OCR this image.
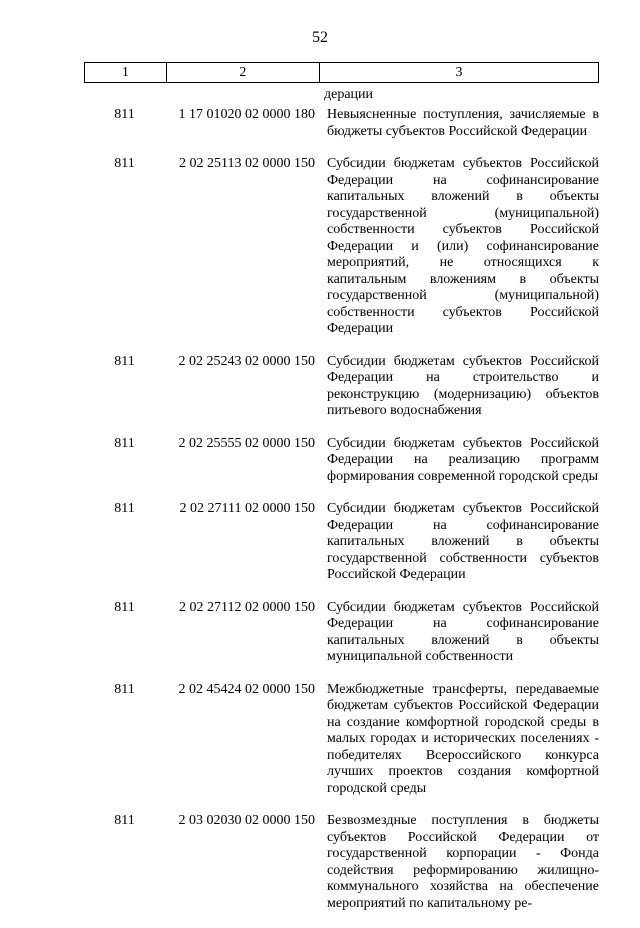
52
1	2	3
дерации
811	1 17 01020 02 0000 180 Невыясненные поступления, зачисляемые в бюджеты субъектов Российской Федерации
811	2 02 25113 02 0000 150 Субсидии бюджетам субъектов Российской Федерации на софинансирование капитальных вложений в объекты государственной (муниципальной) собственности субъектов Российской Федерации и (или) софинансирование мероприятий, не относящихся к капитальным вложениям в объекты государственной (муниципальной) собственности субъектов Российской Федерации
811	2 02 25243 02 0000 150 Субсидии бюджетам субъектов Российской Федерации на строительство и реконструкцию (модернизацию) объектов питьевого водоснабжения
811	2 02 25555 02 0000 150 Субсидии бюджетам субъектов Российской Федерации на реализацию программ формирования современной городской среды
811	2 02 27111 02 0000 150 Субсидии бюджетам субъектов Российской Федерации на софинансирование капитальных вложений в объекты государственной собственности субъектов Российской Федерации
811	2 02 27112 02 0000 150 Субсидии бюджетам субъектов Российской Федерации на софинансирование капитальных вложений в объекты муниципальной собственности
811	2 02 45424 02 0000 150 Межбюджетные трансферты, передаваемые бюджетам субъектов Российской Федерации на создание комфортной городской среды в малых городах и исторических поселениях - победителях Всероссийского конкурса лучших проектов создания комфортной городской среды
811	2 03 02030 02 0000 150 Безвозмездные поступления в бюджеты субъектов Российской Федерации от государственной корпорации - Фонда содействия реформированию жилищно-коммунального хозяйства на обеспечение мероприятий по капитальному ре-
